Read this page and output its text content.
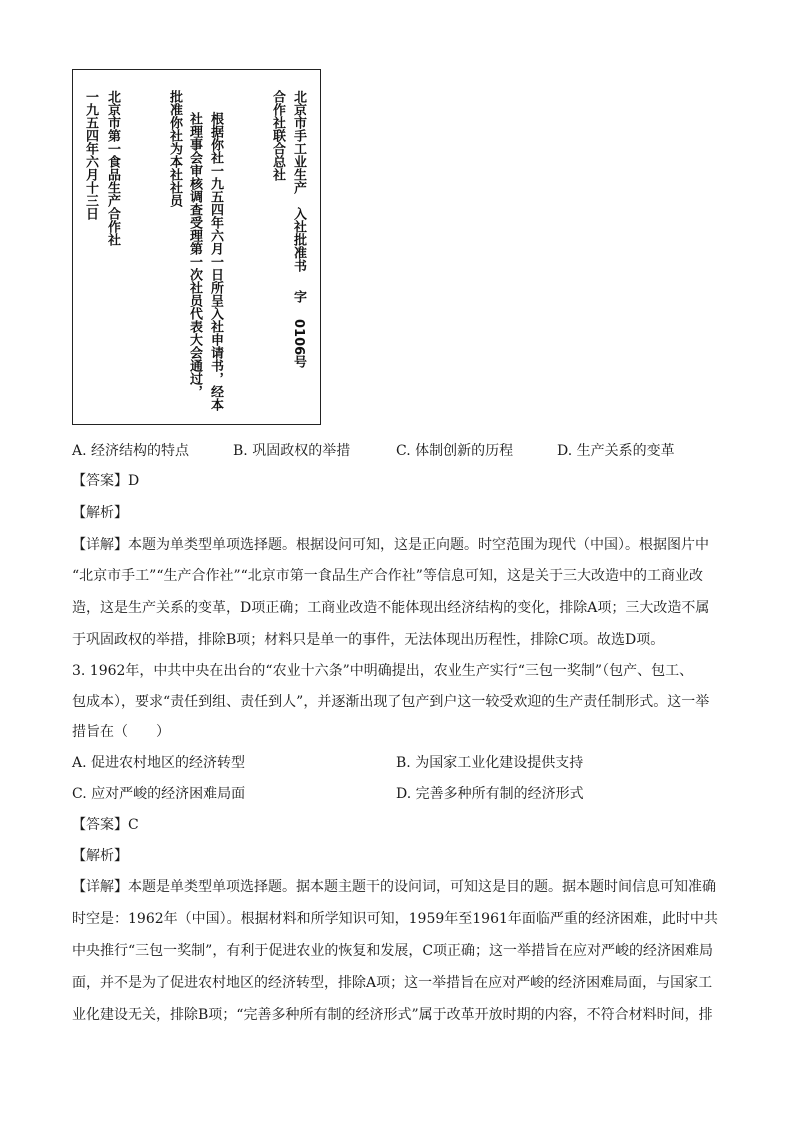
北京市手工业生产入社批准书字0106号
合作社联合总社
根据你社一九五四年六月一日所呈入社申请书，经本
社理事会审核调查受理第一次社员代表大会通过，
批准你社为本社社员
北京市第一食品生产合作社
一九五四年六月十三日
A. 经济结构的特点	B. 巩固政权的举措	C. 体制创新的历程	D. 生产关系的变革
【答案】D
【解析】
【详解】本题为单类型单项选择题。根据设问可知，这是正向题。时空范围为现代（中国）。根据图片中
“北京市手工”“生产合作社”“北京市第一食品生产合作社”等信息可知，这是关于三大改造中的工商业改
造，这是生产关系的变革，D项正确；工商业改造不能体现出经济结构的变化，排除A项；三大改造不属
于巩固政权的举措，排除B项；材料只是单一的事件，无法体现出历程性，排除C项。故选D项。
3. 1962年，中共中央在出台的“农业十六条”中明确提出，农业生产实行“三包一奖制”（包产、包工、
包成本），要求“责任到组、责任到人”，并逐渐出现了包产到户这一较受欢迎的生产责任制形式。这一举
措旨在（　　）
A. 促进农村地区的经济转型	B. 为国家工业化建设提供支持
C. 应对严峻的经济困难局面	D. 完善多种所有制的经济形式
【答案】C
【解析】
【详解】本题是单类型单项选择题。据本题主题干的设问词，可知这是目的题。据本题时间信息可知准确
时空是：1962年（中国）。根据材料和所学知识可知，1959年至1961年面临严重的经济困难，此时中共
中央推行“三包一奖制”，有利于促进农业的恢复和发展，C项正确；这一举措旨在应对严峻的经济困难局
面，并不是为了促进农村地区的经济转型，排除A项；这一举措旨在应对严峻的经济困难局面，与国家工
业化建设无关，排除B项；“完善多种所有制的经济形式”属于改革开放时期的内容，不符合材料时间，排
